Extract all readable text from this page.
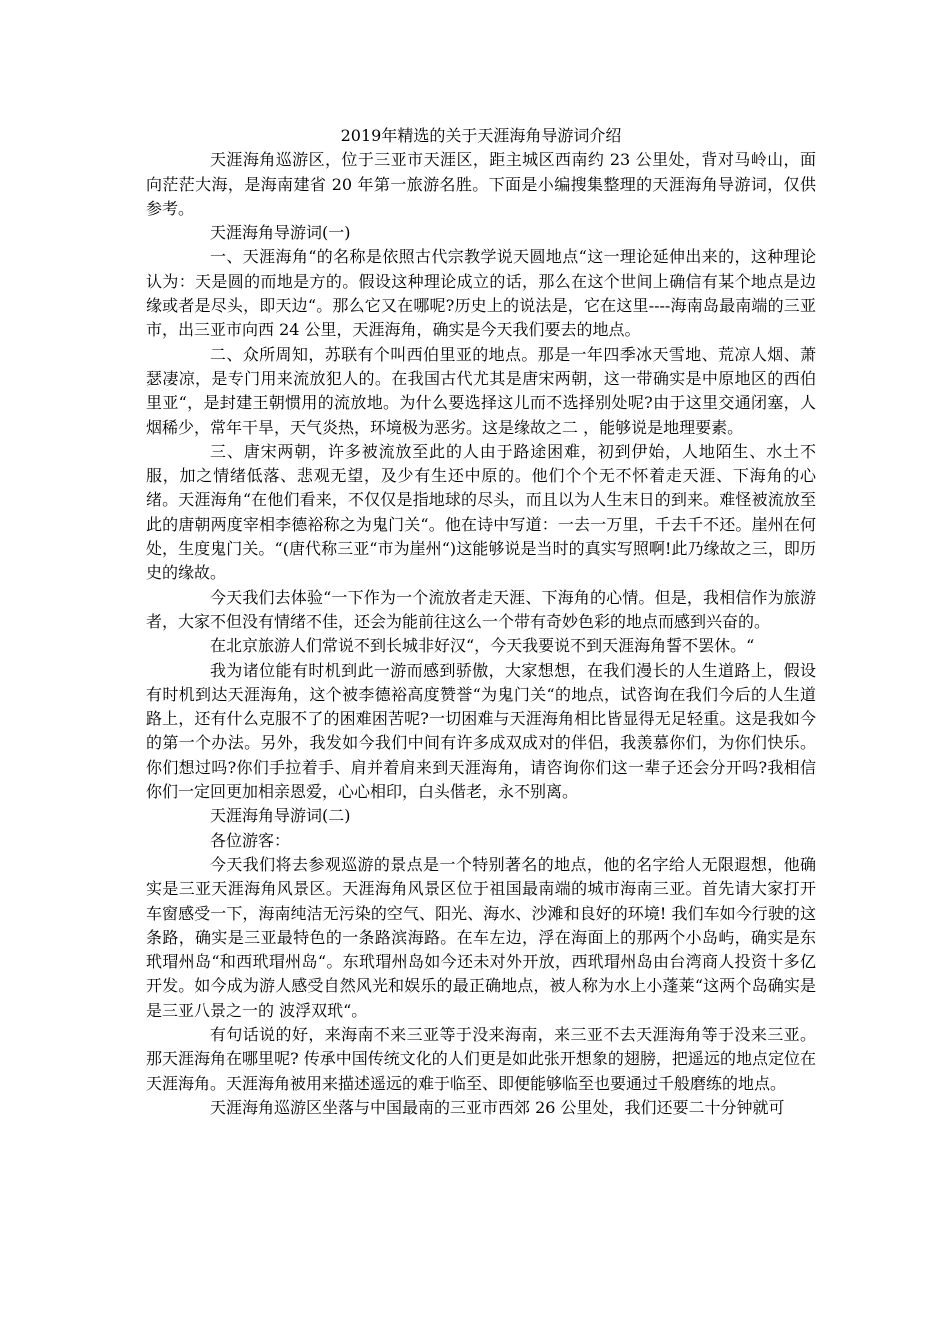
2019年精选的关于天涯海角导游词介绍

天涯海角巡游区，位于三亚市天涯区，距主城区西南约 23 公里处，背对马岭山，面向茫茫大海，是海南建省 20 年第一旅游名胜。下面是小编搜集整理的天涯海角导游词，仅供参考。

天涯海角导游词(一)

一、天涯海角“的名称是依照古代宗教学说天圆地点“这一理论延伸出来的，这种理论认为：天是圆的而地是方的。假设这种理论成立的话，那么在这个世间上确信有某个地点是边缘或者是尽头，即天边“。那么它又在哪呢?历史上的说法是，它在这里----海南岛最南端的三亚市，出三亚市向西 24 公里，天涯海角，确实是今天我们要去的地点。

二、众所周知，苏联有个叫西伯里亚的地点。那是一年四季冰天雪地、荒凉人烟、萧瑟凄凉，是专门用来流放犯人的。在我国古代尤其是唐宋两朝，这一带确实是中原地区的西伯里亚“，是封建王朝惯用的流放地。为什么要选择这儿而不选择别处呢?由于这里交通闭塞，人烟稀少，常年干旱，天气炎热，环境极为恶劣。这是缘故之二 ，能够说是地理要素。

三、唐宋两朝，许多被流放至此的人由于路途困难，初到伊始，人地陌生、水土不服，加之情绪低落、悲观无望，及少有生还中原的。他们个个无不怀着走天涯、下海角的心绪。天涯海角“在他们看来，不仅仅是指地球的尽头，而且以为人生末日的到来。难怪被流放至此的唐朝两度宰相李德裕称之为鬼门关“。他在诗中写道：一去一万里，千去千不还。崖州在何处，生度鬼门关。“(唐代称三亚“市为崖州“)这能够说是当时的真实写照啊!此乃缘故之三，即历史的缘故。

今天我们去体验“一下作为一个流放者走天涯、下海角的心情。但是，我相信作为旅游者，大家不但没有情绪不佳，还会为能前往这么一个带有奇妙色彩的地点而感到兴奋的。

在北京旅游人们常说不到长城非好汉“，今天我要说不到天涯海角誓不罢休。“

我为诸位能有时机到此一游而感到骄傲，大家想想，在我们漫长的人生道路上，假设有时机到达天涯海角，这个被李德裕高度赞誉“为鬼门关“的地点，试咨询在我们今后的人生道路上，还有什么克服不了的困难困苦呢?一切困难与天涯海角相比皆显得无足轻重。这是我如今的第一个办法。另外，我发如今我们中间有许多成双成对的伴侣，我羡慕你们，为你们快乐。你们想过吗?你们手拉着手、肩并着肩来到天涯海角，请咨询你们这一辈子还会分开吗?我相信你们一定回更加相亲恩爱，心心相印，白头偕老，永不别离。

天涯海角导游词(二)

各位游客：

今天我们将去参观巡游的景点是一个特别著名的地点，他的名字给人无限遐想，他确实是三亚天涯海角风景区。天涯海角风景区位于祖国最南端的城市海南三亚。首先请大家打开车窗感受一下，海南纯洁无污染的空气、阳光、海水、沙滩和良好的环境! 我们车如今行驶的这条路，确实是三亚最特色的一条路滨海路。在车左边，浮在海面上的那两个小岛屿，确实是东玳瑁州岛“和西玳瑁州岛“。东玳瑁州岛如今还未对外开放，西玳瑁州岛由台湾商人投资十多亿开发。如今成为游人感受自然风光和娱乐的最正确地点，被人称为水上小蓬莱“这两个岛确实是是三亚八景之一的 波浮双玳“。

有句话说的好，来海南不来三亚等于没来海南，来三亚不去天涯海角等于没来三亚。那天涯海角在哪里呢? 传承中国传统文化的人们更是如此张开想象的翅膀，把遥远的地点定位在天涯海角。天涯海角被用来描述遥远的难于临至、即便能够临至也要通过千般磨练的地点。

天涯海角巡游区坐落与中国最南的三亚市西郊 26 公里处，我们还要二十分钟就可
